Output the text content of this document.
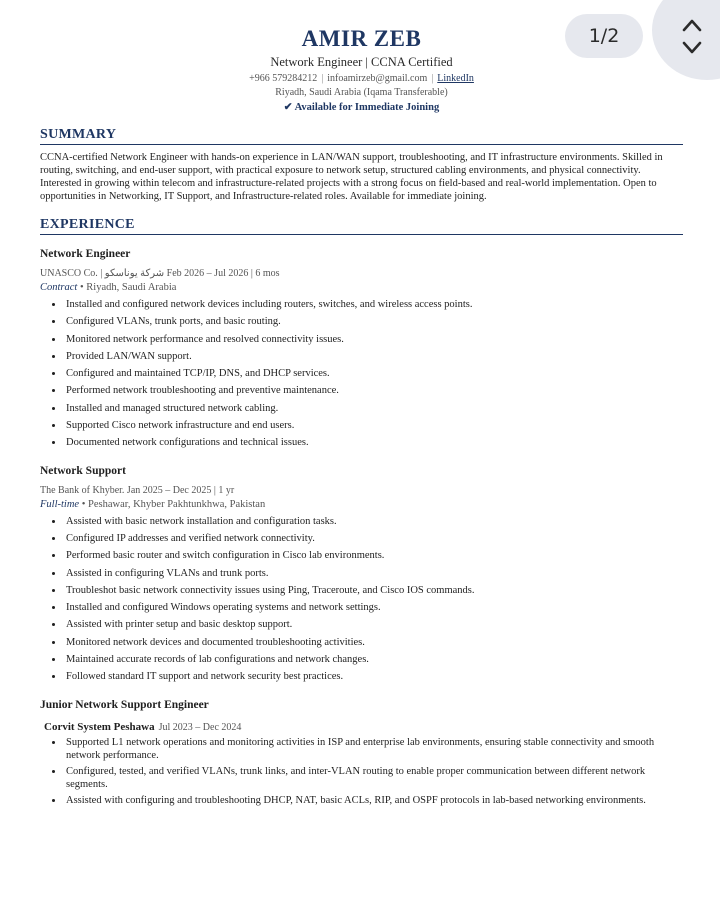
1/2
AMIR ZEB
Network Engineer | CCNA Certified
+966 579284212 | infoamirzeb@gmail.com | LinkedIn
Riyadh, Saudi Arabia (Iqama Transferable)
✔ Available for Immediate Joining
SUMMARY
CCNA-certified Network Engineer with hands-on experience in LAN/WAN support, troubleshooting, and IT infrastructure environments. Skilled in routing, switching, and end-user support, with practical exposure to network setup, structured cabling environments, and physical connectivity. Interested in growing within telecom and infrastructure-related projects with a strong focus on field-based and real-world implementation. Open to opportunities in Networking, IT Support, and Infrastructure-related roles. Available for immediate joining.
EXPERIENCE
Network Engineer
UNASCO Co. | شركة يوناسكو Feb 2026 – Jul 2026 | 6 mos
Contract • Riyadh, Saudi Arabia
• Installed and configured network devices including routers, switches, and wireless access points.
• Configured VLANs, trunk ports, and basic routing.
• Monitored network performance and resolved connectivity issues.
• Provided LAN/WAN support.
• Configured and maintained TCP/IP, DNS, and DHCP services.
• Performed network troubleshooting and preventive maintenance.
• Installed and managed structured network cabling.
• Supported Cisco network infrastructure and end users.
• Documented network configurations and technical issues.
Network Support
The Bank of Khyber. Jan 2025 – Dec 2025 | 1 yr
Full-time • Peshawar, Khyber Pakhtunkhwa, Pakistan
• Assisted with basic network installation and configuration tasks.
• Configured IP addresses and verified network connectivity.
• Performed basic router and switch configuration in Cisco lab environments.
• Assisted in configuring VLANs and trunk ports.
• Troubleshot basic network connectivity issues using Ping, Traceroute, and Cisco IOS commands.
• Installed and configured Windows operating systems and network settings.
• Assisted with printer setup and basic desktop support.
• Monitored network devices and documented troubleshooting activities.
• Maintained accurate records of lab configurations and network changes.
• Followed standard IT support and network security best practices.
Junior Network Support Engineer
Corvit System Peshawa Jul 2023 – Dec 2024
• Supported L1 network operations and monitoring activities in ISP and enterprise lab environments, ensuring stable connectivity and smooth network performance.
• Configured, tested, and verified VLANs, trunk links, and inter-VLAN routing to enable proper communication between different network segments.
• Assisted with configuring and troubleshooting DHCP, NAT, basic ACLs, RIP, and OSPF protocols in lab-based networking environments.
